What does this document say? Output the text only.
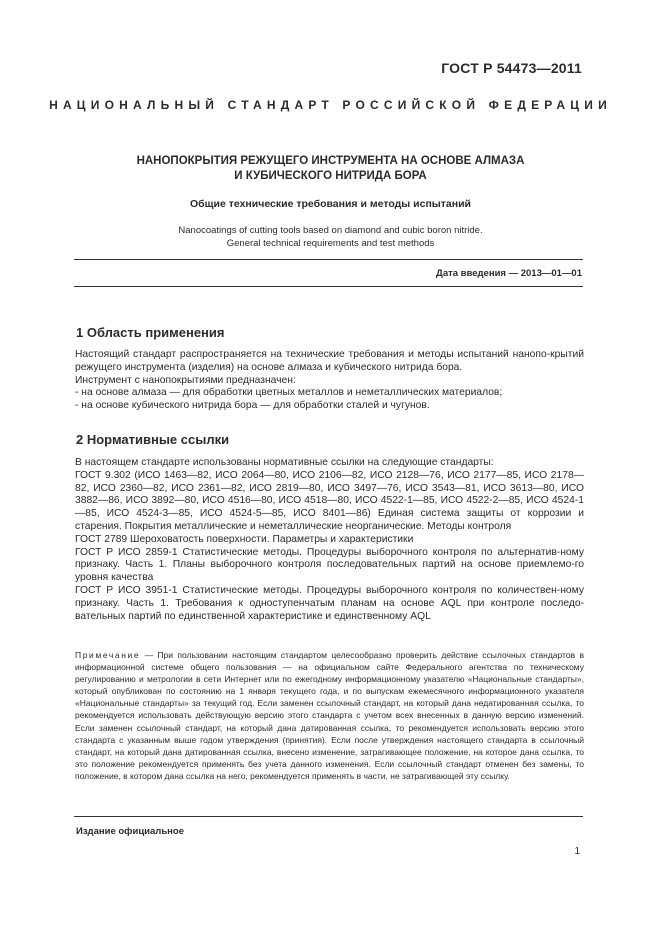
ГОСТ Р 54473—2011
НАЦИОНАЛЬНЫЙ СТАНДАРТ РОССИЙСКОЙ ФЕДЕРАЦИИ
НАНОПОКРЫТИЯ РЕЖУЩЕГО ИНСТРУМЕНТА НА ОСНОВЕ АЛМАЗА
И КУБИЧЕСКОГО НИТРИДА БОРА
Общие технические требования и методы испытаний
Nanocoatings of cutting tools based on diamond and cubic boron nitride.
General technical requirements and test methods
Дата введения — 2013—01—01
1 Область применения

Настоящий стандарт распространяется на технические требования и методы испытаний нанопо-крытий режущего инструмента (изделия) на основе алмаза и кубического нитрида бора.

Инструмент с нанопокрытиями предназначен:

- на основе алмаза — для обработки цветных металлов и неметаллических материалов;

- на основе кубического нитрида бора — для обработки сталей и чугунов.

2 Нормативные ссылки

В настоящем стандарте использованы нормативные ссылки на следующие стандарты:

ГОСТ 9.302 (ИСО 1463—82, ИСО 2064—80, ИСО 2106—82, ИСО 2128—76, ИСО 2177—85, ИСО 2178—82, ИСО 2360—82, ИСО 2361—82, ИСО 2819—80, ИСО 3497—76, ИСО 3543—81, ИСО 3613—80, ИСО 3882—86, ИСО 3892—80, ИСО 4516—80, ИСО 4518—80, ИСО 4522-1—85, ИСО 4522-2—85, ИСО 4524-1—85, ИСО 4524-3—85, ИСО 4524-5—85, ИСО 8401—86) Единая система защиты от коррозии и старения. Покрытия металлические и неметаллические неорганические. Методы контроля

ГОСТ 2789 Шероховатость поверхности. Параметры и характеристики

ГОСТ Р ИСО 2859-1 Статистические методы. Процедуры выборочного контроля по альтернатив-ному признаку. Часть 1. Планы выборочного контроля последовательных партий на основе приемлемо-го уровня качества

ГОСТ Р ИСО 3951-1 Статистические методы. Процедуры выборочного контроля по количествен-ному признаку. Часть 1. Требования к одноступенчатым планам на основе AQL при контроле последо-вательных партий по единственной характеристике и единственному AQL

Примечание — При пользовании настоящим стандартом целесообразно проверить действие ссылочных стандартов в информационной системе общего пользования — на официальном сайте Федерального агентства по техническому регулированию и метрологии в сети Интернет или по ежегодному информационному указателю «Национальные стандарты», который опубликован по состоянию на 1 января текущего года, и по выпускам ежемесячного информационного указателя «Национальные стандарты» за текущий год. Если заменен ссылочный стандарт, на который дана недатированная ссылка, то рекомендуется использовать действующую версию этого стандарта с учетом всех внесенных в данную версию изменений. Если заменен ссылочный стандарт, на который дана датированная ссылка, то рекомендуется использовать версию этого стандарта с указанным выше годом утверждения (принятия). Если после утверждения настоящего стандарта в ссылочный стандарт, на который дана датированная ссылка, внесено изменение, затрагивающее положение, на которое дана ссылка, то это положение рекомендуется применять без учета данного изменения. Если ссылочный стандарт отменен без замены, то положение, в котором дана ссылка на него, рекомендуется применять в части, не затрагивающей эту ссылку.

Издание официальное
1
